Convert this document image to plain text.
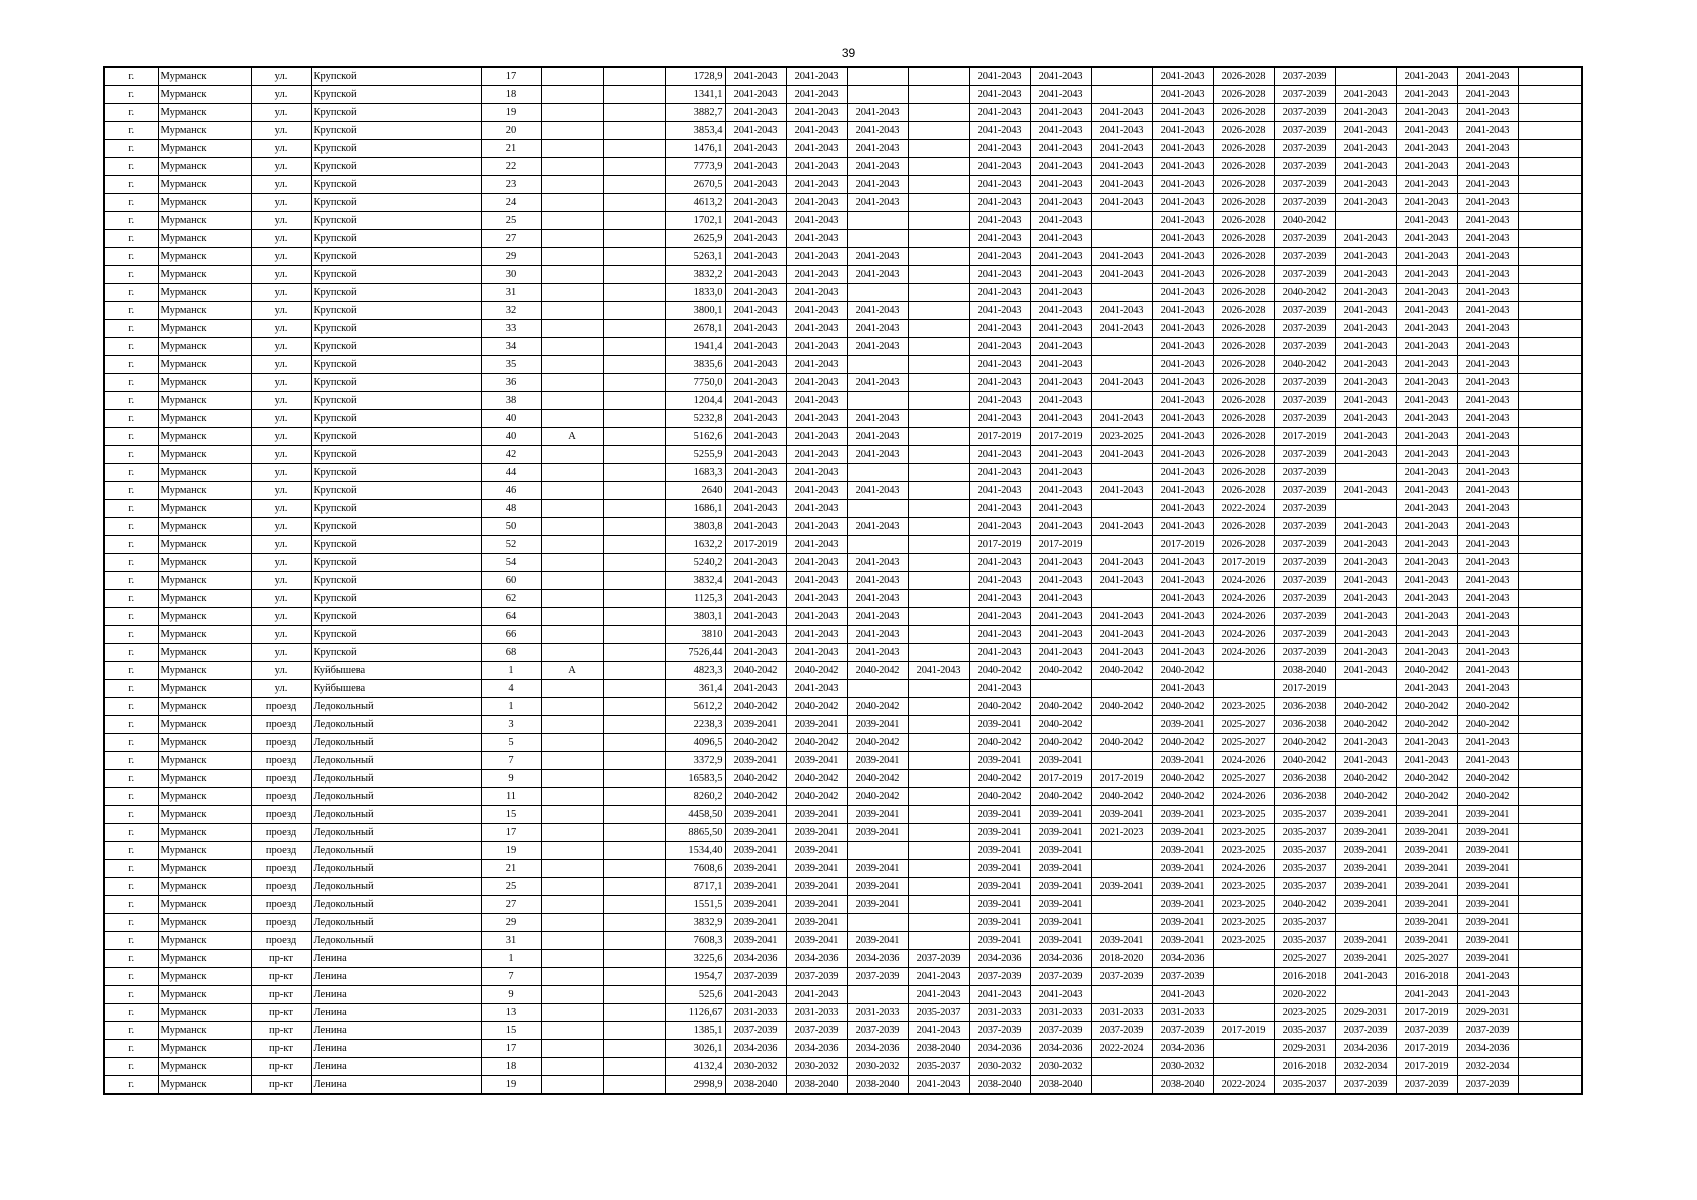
39
г.	Мурманск	ул.	Крупской	17			1728,9	2041-2043	2041-2043			2041-2043	2041-2043		2041-2043	2026-2028	2037-2039		2041-2043	2041-2043	
г.	Мурманск	ул.	Крупской	18			1341,1	2041-2043	2041-2043			2041-2043	2041-2043		2041-2043	2026-2028	2037-2039	2041-2043	2041-2043	2041-2043	
г.	Мурманск	ул.	Крупской	19			3882,7	2041-2043	2041-2043	2041-2043		2041-2043	2041-2043	2041-2043	2041-2043	2026-2028	2037-2039	2041-2043	2041-2043	2041-2043	
г.	Мурманск	ул.	Крупской	20			3853,4	2041-2043	2041-2043	2041-2043		2041-2043	2041-2043	2041-2043	2041-2043	2026-2028	2037-2039	2041-2043	2041-2043	2041-2043	
г.	Мурманск	ул.	Крупской	21			1476,1	2041-2043	2041-2043	2041-2043		2041-2043	2041-2043	2041-2043	2041-2043	2026-2028	2037-2039	2041-2043	2041-2043	2041-2043	
г.	Мурманск	ул.	Крупской	22			7773,9	2041-2043	2041-2043	2041-2043		2041-2043	2041-2043	2041-2043	2041-2043	2026-2028	2037-2039	2041-2043	2041-2043	2041-2043	
г.	Мурманск	ул.	Крупской	23			2670,5	2041-2043	2041-2043	2041-2043		2041-2043	2041-2043	2041-2043	2041-2043	2026-2028	2037-2039	2041-2043	2041-2043	2041-2043	
г.	Мурманск	ул.	Крупской	24			4613,2	2041-2043	2041-2043	2041-2043		2041-2043	2041-2043	2041-2043	2041-2043	2026-2028	2037-2039	2041-2043	2041-2043	2041-2043	
г.	Мурманск	ул.	Крупской	25			1702,1	2041-2043	2041-2043			2041-2043	2041-2043		2041-2043	2026-2028	2040-2042		2041-2043	2041-2043	
г.	Мурманск	ул.	Крупской	27			2625,9	2041-2043	2041-2043			2041-2043	2041-2043		2041-2043	2026-2028	2037-2039	2041-2043	2041-2043	2041-2043	
г.	Мурманск	ул.	Крупской	29			5263,1	2041-2043	2041-2043	2041-2043		2041-2043	2041-2043	2041-2043	2041-2043	2026-2028	2037-2039	2041-2043	2041-2043	2041-2043	
г.	Мурманск	ул.	Крупской	30			3832,2	2041-2043	2041-2043	2041-2043		2041-2043	2041-2043	2041-2043	2041-2043	2026-2028	2037-2039	2041-2043	2041-2043	2041-2043	
г.	Мурманск	ул.	Крупской	31			1833,0	2041-2043	2041-2043			2041-2043	2041-2043		2041-2043	2026-2028	2040-2042	2041-2043	2041-2043	2041-2043	
г.	Мурманск	ул.	Крупской	32			3800,1	2041-2043	2041-2043	2041-2043		2041-2043	2041-2043	2041-2043	2041-2043	2026-2028	2037-2039	2041-2043	2041-2043	2041-2043	
г.	Мурманск	ул.	Крупской	33			2678,1	2041-2043	2041-2043	2041-2043		2041-2043	2041-2043	2041-2043	2041-2043	2026-2028	2037-2039	2041-2043	2041-2043	2041-2043	
г.	Мурманск	ул.	Крупской	34			1941,4	2041-2043	2041-2043	2041-2043		2041-2043	2041-2043		2041-2043	2026-2028	2037-2039	2041-2043	2041-2043	2041-2043	
г.	Мурманск	ул.	Крупской	35			3835,6	2041-2043	2041-2043			2041-2043	2041-2043		2041-2043	2026-2028	2040-2042	2041-2043	2041-2043	2041-2043	
г.	Мурманск	ул.	Крупской	36			7750,0	2041-2043	2041-2043	2041-2043		2041-2043	2041-2043	2041-2043	2041-2043	2026-2028	2037-2039	2041-2043	2041-2043	2041-2043	
г.	Мурманск	ул.	Крупской	38			1204,4	2041-2043	2041-2043			2041-2043	2041-2043		2041-2043	2026-2028	2037-2039	2041-2043	2041-2043	2041-2043	
г.	Мурманск	ул.	Крупской	40			5232,8	2041-2043	2041-2043	2041-2043		2041-2043	2041-2043	2041-2043	2041-2043	2026-2028	2037-2039	2041-2043	2041-2043	2041-2043	
г.	Мурманск	ул.	Крупской	40	А		5162,6	2041-2043	2041-2043	2041-2043		2017-2019	2017-2019	2023-2025	2041-2043	2026-2028	2017-2019	2041-2043	2041-2043	2041-2043	
г.	Мурманск	ул.	Крупской	42			5255,9	2041-2043	2041-2043	2041-2043		2041-2043	2041-2043	2041-2043	2041-2043	2026-2028	2037-2039	2041-2043	2041-2043	2041-2043	
г.	Мурманск	ул.	Крупской	44			1683,3	2041-2043	2041-2043			2041-2043	2041-2043		2041-2043	2026-2028	2037-2039		2041-2043	2041-2043	
г.	Мурманск	ул.	Крупской	46			2640	2041-2043	2041-2043	2041-2043		2041-2043	2041-2043	2041-2043	2041-2043	2026-2028	2037-2039	2041-2043	2041-2043	2041-2043	
г.	Мурманск	ул.	Крупской	48			1686,1	2041-2043	2041-2043			2041-2043	2041-2043		2041-2043	2022-2024	2037-2039		2041-2043	2041-2043	
г.	Мурманск	ул.	Крупской	50			3803,8	2041-2043	2041-2043	2041-2043		2041-2043	2041-2043	2041-2043	2041-2043	2026-2028	2037-2039	2041-2043	2041-2043	2041-2043	
г.	Мурманск	ул.	Крупской	52			1632,2	2017-2019	2041-2043			2017-2019	2017-2019		2017-2019	2026-2028	2037-2039	2041-2043	2041-2043	2041-2043	
г.	Мурманск	ул.	Крупской	54			5240,2	2041-2043	2041-2043	2041-2043		2041-2043	2041-2043	2041-2043	2041-2043	2017-2019	2037-2039	2041-2043	2041-2043	2041-2043	
г.	Мурманск	ул.	Крупской	60			3832,4	2041-2043	2041-2043	2041-2043		2041-2043	2041-2043	2041-2043	2041-2043	2024-2026	2037-2039	2041-2043	2041-2043	2041-2043	
г.	Мурманск	ул.	Крупской	62			1125,3	2041-2043	2041-2043	2041-2043		2041-2043	2041-2043		2041-2043	2024-2026	2037-2039	2041-2043	2041-2043	2041-2043	
г.	Мурманск	ул.	Крупской	64			3803,1	2041-2043	2041-2043	2041-2043		2041-2043	2041-2043	2041-2043	2041-2043	2024-2026	2037-2039	2041-2043	2041-2043	2041-2043	
г.	Мурманск	ул.	Крупской	66			3810	2041-2043	2041-2043	2041-2043		2041-2043	2041-2043	2041-2043	2041-2043	2024-2026	2037-2039	2041-2043	2041-2043	2041-2043	
г.	Мурманск	ул.	Крупской	68			7526,44	2041-2043	2041-2043	2041-2043		2041-2043	2041-2043	2041-2043	2041-2043	2024-2026	2037-2039	2041-2043	2041-2043	2041-2043	
г.	Мурманск	ул.	Куйбышева	1	А		4823,3	2040-2042	2040-2042	2040-2042	2041-2043	2040-2042	2040-2042	2040-2042	2040-2042		2038-2040	2041-2043	2040-2042	2041-2043	
г.	Мурманск	ул.	Куйбышева	4			361,4	2041-2043	2041-2043			2041-2043			2041-2043		2017-2019		2041-2043	2041-2043	
г.	Мурманск	проезд	Ледокольный	1			5612,2	2040-2042	2040-2042	2040-2042		2040-2042	2040-2042	2040-2042	2040-2042	2023-2025	2036-2038	2040-2042	2040-2042	2040-2042	
г.	Мурманск	проезд	Ледокольный	3			2238,3	2039-2041	2039-2041	2039-2041		2039-2041	2040-2042		2039-2041	2025-2027	2036-2038	2040-2042	2040-2042	2040-2042	
г.	Мурманск	проезд	Ледокольный	5			4096,5	2040-2042	2040-2042	2040-2042		2040-2042	2040-2042	2040-2042	2040-2042	2025-2027	2040-2042	2041-2043	2041-2043	2041-2043	
г.	Мурманск	проезд	Ледокольный	7			3372,9	2039-2041	2039-2041	2039-2041		2039-2041	2039-2041		2039-2041	2024-2026	2040-2042	2041-2043	2041-2043	2041-2043	
г.	Мурманск	проезд	Ледокольный	9			16583,5	2040-2042	2040-2042	2040-2042		2040-2042	2017-2019	2017-2019	2040-2042	2025-2027	2036-2038	2040-2042	2040-2042	2040-2042	
г.	Мурманск	проезд	Ледокольный	11			8260,2	2040-2042	2040-2042	2040-2042		2040-2042	2040-2042	2040-2042	2040-2042	2024-2026	2036-2038	2040-2042	2040-2042	2040-2042	
г.	Мурманск	проезд	Ледокольный	15			4458,50	2039-2041	2039-2041	2039-2041		2039-2041	2039-2041	2039-2041	2039-2041	2023-2025	2035-2037	2039-2041	2039-2041	2039-2041	
г.	Мурманск	проезд	Ледокольный	17			8865,50	2039-2041	2039-2041	2039-2041		2039-2041	2039-2041	2021-2023	2039-2041	2023-2025	2035-2037	2039-2041	2039-2041	2039-2041	
г.	Мурманск	проезд	Ледокольный	19			1534,40	2039-2041	2039-2041			2039-2041	2039-2041		2039-2041	2023-2025	2035-2037	2039-2041	2039-2041	2039-2041	
г.	Мурманск	проезд	Ледокольный	21			7608,6	2039-2041	2039-2041	2039-2041		2039-2041	2039-2041		2039-2041	2024-2026	2035-2037	2039-2041	2039-2041	2039-2041	
г.	Мурманск	проезд	Ледокольный	25			8717,1	2039-2041	2039-2041	2039-2041		2039-2041	2039-2041	2039-2041	2039-2041	2023-2025	2035-2037	2039-2041	2039-2041	2039-2041	
г.	Мурманск	проезд	Ледокольный	27			1551,5	2039-2041	2039-2041	2039-2041		2039-2041	2039-2041		2039-2041	2023-2025	2040-2042	2039-2041	2039-2041	2039-2041	
г.	Мурманск	проезд	Ледокольный	29			3832,9	2039-2041	2039-2041			2039-2041	2039-2041		2039-2041	2023-2025	2035-2037		2039-2041	2039-2041	
г.	Мурманск	проезд	Ледокольный	31			7608,3	2039-2041	2039-2041	2039-2041		2039-2041	2039-2041	2039-2041	2039-2041	2023-2025	2035-2037	2039-2041	2039-2041	2039-2041	
г.	Мурманск	пр-кт	Ленина	1			3225,6	2034-2036	2034-2036	2034-2036	2037-2039	2034-2036	2034-2036	2018-2020	2034-2036		2025-2027	2039-2041	2025-2027	2039-2041	
г.	Мурманск	пр-кт	Ленина	7			1954,7	2037-2039	2037-2039	2037-2039	2041-2043	2037-2039	2037-2039	2037-2039	2037-2039		2016-2018	2041-2043	2016-2018	2041-2043	
г.	Мурманск	пр-кт	Ленина	9			525,6	2041-2043	2041-2043		2041-2043	2041-2043	2041-2043		2041-2043		2020-2022		2041-2043	2041-2043	
г.	Мурманск	пр-кт	Ленина	13			1126,67	2031-2033	2031-2033	2031-2033	2035-2037	2031-2033	2031-2033	2031-2033	2031-2033		2023-2025	2029-2031	2017-2019	2029-2031	
г.	Мурманск	пр-кт	Ленина	15			1385,1	2037-2039	2037-2039	2037-2039	2041-2043	2037-2039	2037-2039	2037-2039	2037-2039	2017-2019	2035-2037	2037-2039	2037-2039	2037-2039	
г.	Мурманск	пр-кт	Ленина	17			3026,1	2034-2036	2034-2036	2034-2036	2038-2040	2034-2036	2034-2036	2022-2024	2034-2036		2029-2031	2034-2036	2017-2019	2034-2036	
г.	Мурманск	пр-кт	Ленина	18			4132,4	2030-2032	2030-2032	2030-2032	2035-2037	2030-2032	2030-2032		2030-2032		2016-2018	2032-2034	2017-2019	2032-2034	
г.	Мурманск	пр-кт	Ленина	19			2998,9	2038-2040	2038-2040	2038-2040	2041-2043	2038-2040	2038-2040		2038-2040	2022-2024	2035-2037	2037-2039	2037-2039	2037-2039	
